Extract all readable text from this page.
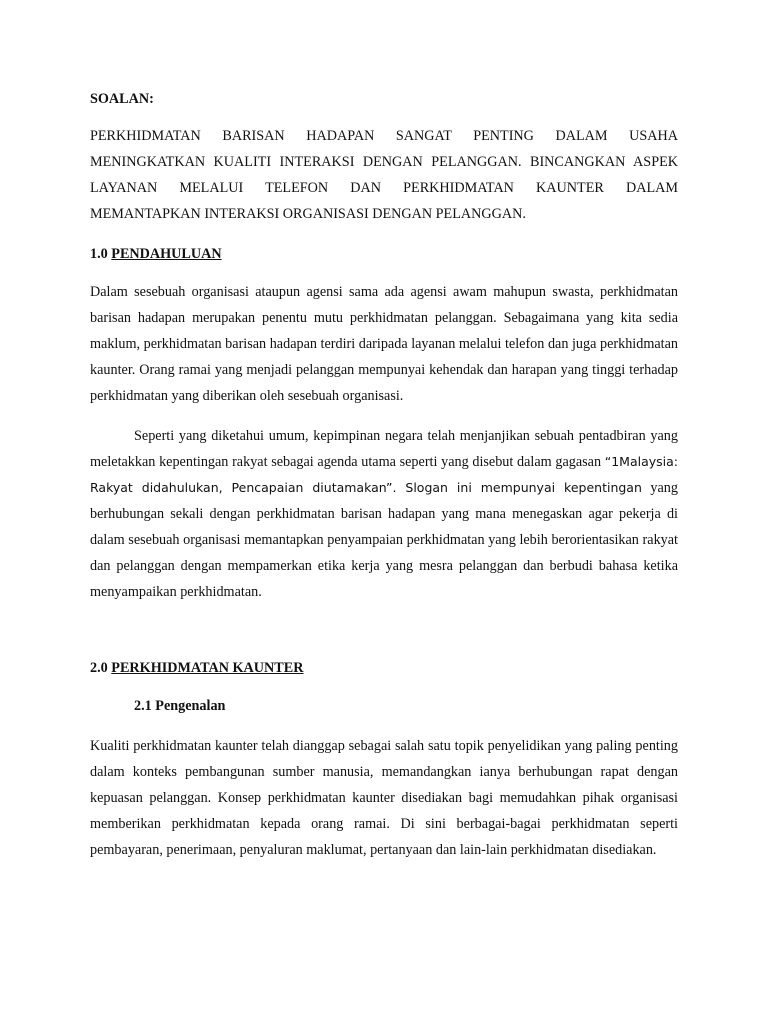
SOALAN:

PERKHIDMATAN BARISAN HADAPAN SANGAT PENTING DALAM USAHA MENINGKATKAN KUALITI INTERAKSI DENGAN PELANGGAN. BINCANGKAN ASPEK LAYANAN MELALUI TELEFON DAN PERKHIDMATAN KAUNTER DALAM MEMANTAPKAN INTERAKSI ORGANISASI DENGAN PELANGGAN.

1.0 PENDAHULUAN

Dalam sesebuah organisasi ataupun agensi sama ada agensi awam mahupun swasta, perkhidmatan barisan hadapan merupakan penentu mutu perkhidmatan pelanggan. Sebagaimana yang kita sedia maklum, perkhidmatan barisan hadapan terdiri daripada layanan melalui telefon dan juga perkhidmatan kaunter. Orang ramai yang menjadi pelanggan mempunyai kehendak dan harapan yang tinggi terhadap perkhidmatan yang diberikan oleh sesebuah organisasi.

Seperti yang diketahui umum, kepimpinan negara telah menjanjikan sebuah pentadbiran yang meletakkan kepentingan rakyat sebagai agenda utama seperti yang disebut dalam gagasan “1Malaysia: Rakyat didahulukan, Pencapaian diutamakan”. Slogan ini mempunyai kepentingan yang berhubungan sekali dengan perkhidmatan barisan hadapan yang mana menegaskan agar pekerja di dalam sesebuah organisasi memantapkan penyampaian perkhidmatan yang lebih berorientasikan rakyat dan pelanggan dengan mempamerkan etika kerja yang mesra pelanggan dan berbudi bahasa ketika menyampaikan perkhidmatan.

2.0 PERKHIDMATAN KAUNTER

2.1 Pengenalan

Kualiti perkhidmatan kaunter telah dianggap sebagai salah satu topik penyelidikan yang paling penting dalam konteks pembangunan sumber manusia, memandangkan ianya berhubungan rapat dengan kepuasan pelanggan. Konsep perkhidmatan kaunter disediakan bagi memudahkan pihak organisasi memberikan perkhidmatan kepada orang ramai. Di sini berbagai-bagai perkhidmatan seperti pembayaran, penerimaan, penyaluran maklumat, pertanyaan dan lain-lain perkhidmatan disediakan.
